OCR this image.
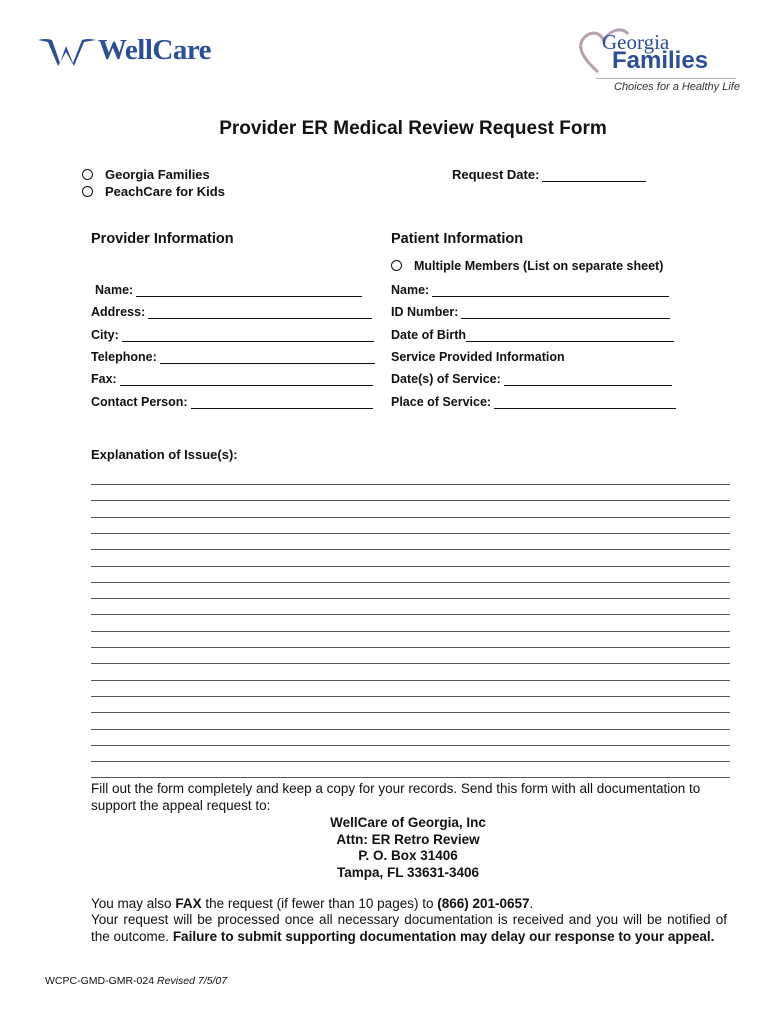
WellCare	Georgia
Families
Choices for a Healthy Life
Provider ER Medical Review Request Form
Georgia Families
PeachCare for Kids
Request Date:
Provider Information	Patient Information
Multiple Members (List on separate sheet)
Name:
Address:
City:
Telephone:
Fax:
Contact Person:
Name:
ID Number:
Date of Birth
Service Provided Information
Date(s) of Service:
Place of Service:
Explanation of Issue(s):
Fill out the form completely and keep a copy for your records. Send this form with all documentation to support the appeal request to:
WellCare of Georgia, Inc
Attn: ER Retro Review
P. O. Box 31406
Tampa, FL 33631-3406
You may also FAX the request (if fewer than 10 pages) to (866) 201-0657.
Your request will be processed once all necessary documentation is received and you will be notified of the outcome. Failure to submit supporting documentation may delay our response to your appeal.
WCPC-GMD-GMR-024 Revised 7/5/07
